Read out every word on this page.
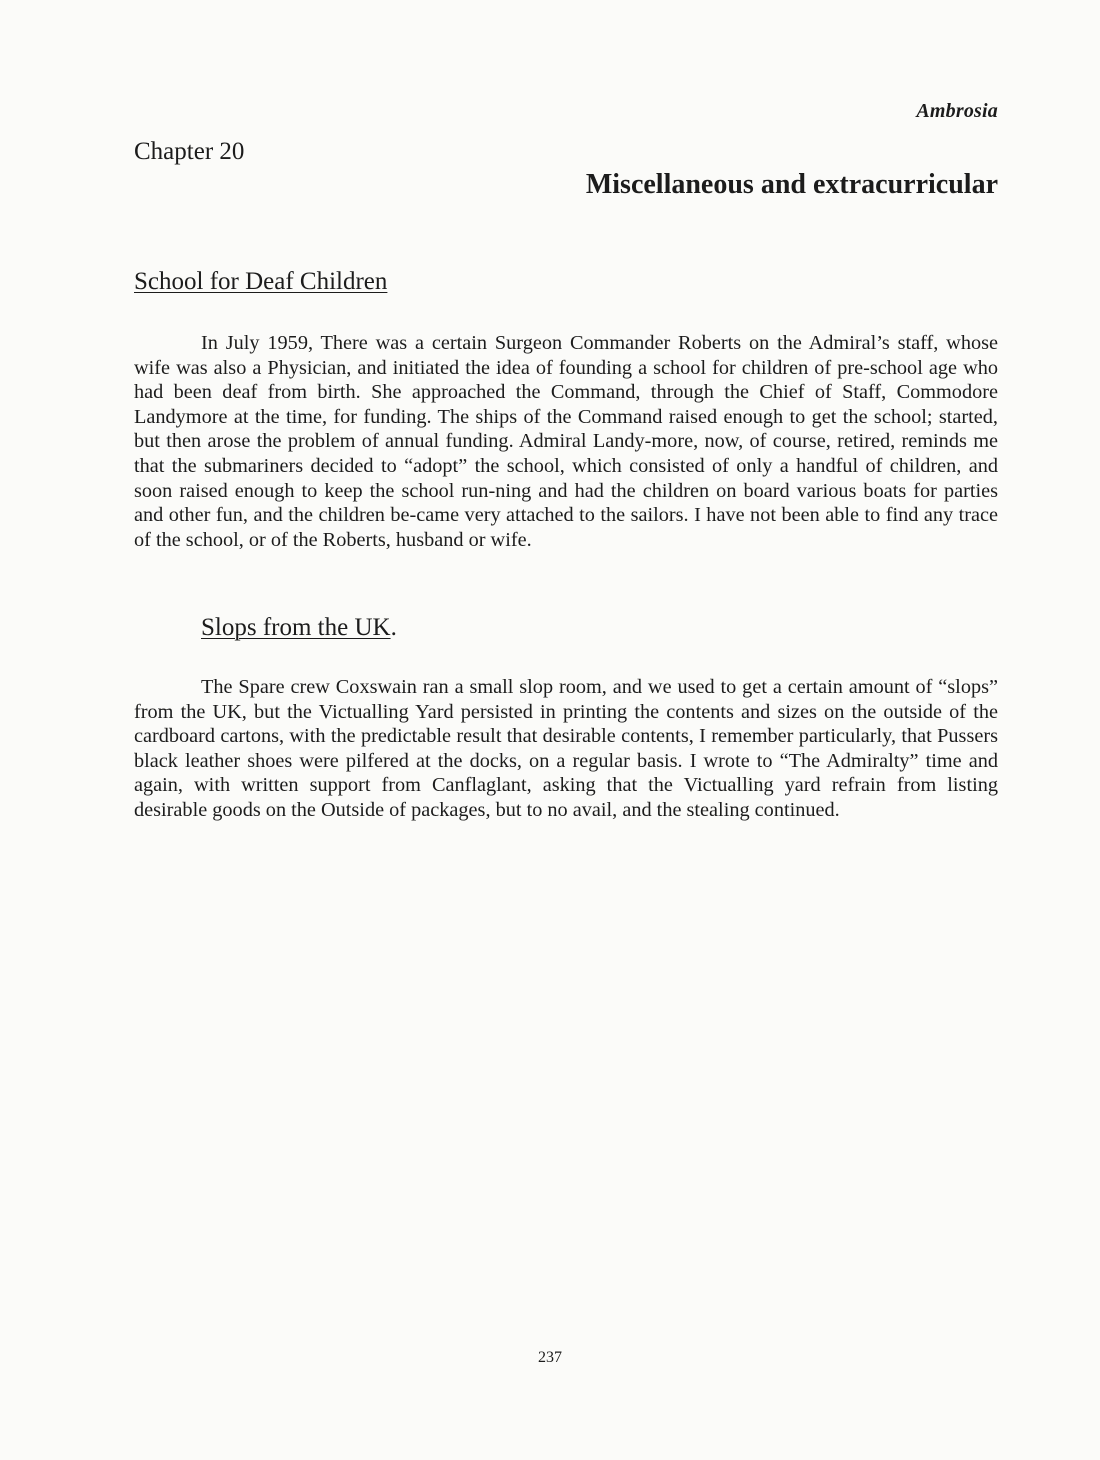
Ambrosia
Chapter 20
Miscellaneous and extracurricular
School for Deaf Children

In July 1959, There was a certain Surgeon Commander Roberts on the Admiral’s staff, whose wife was also a Physician, and initiated the idea of founding a school for children of pre-school age who had been deaf from birth. She approached the Command, through the Chief of Staff, Commodore Landymore at the time, for funding. The ships of the Command raised enough to get the school; started, but then arose the problem of annual funding. Admiral Landy-more, now, of course, retired, reminds me that the submariners decided to “adopt” the school, which consisted of only a handful of children, and soon raised enough to keep the school run-ning and had the children on board various boats for parties and other fun, and the children be-came very attached to the sailors. I have not been able to find any trace of the school, or of the Roberts, husband or wife.

Slops from the UK.

The Spare crew Coxswain ran a small slop room, and we used to get a certain amount of “slops” from the UK, but the Victualling Yard persisted in printing the contents and sizes on the outside of the cardboard cartons, with the predictable result that desirable contents, I remember particularly, that Pussers black leather shoes were pilfered at the docks, on a regular basis. I wrote to “The Admiralty” time and again, with written support from Canflaglant, asking that the Victualling yard refrain from listing desirable goods on the Outside of packages, but to no avail, and the stealing continued.

237
